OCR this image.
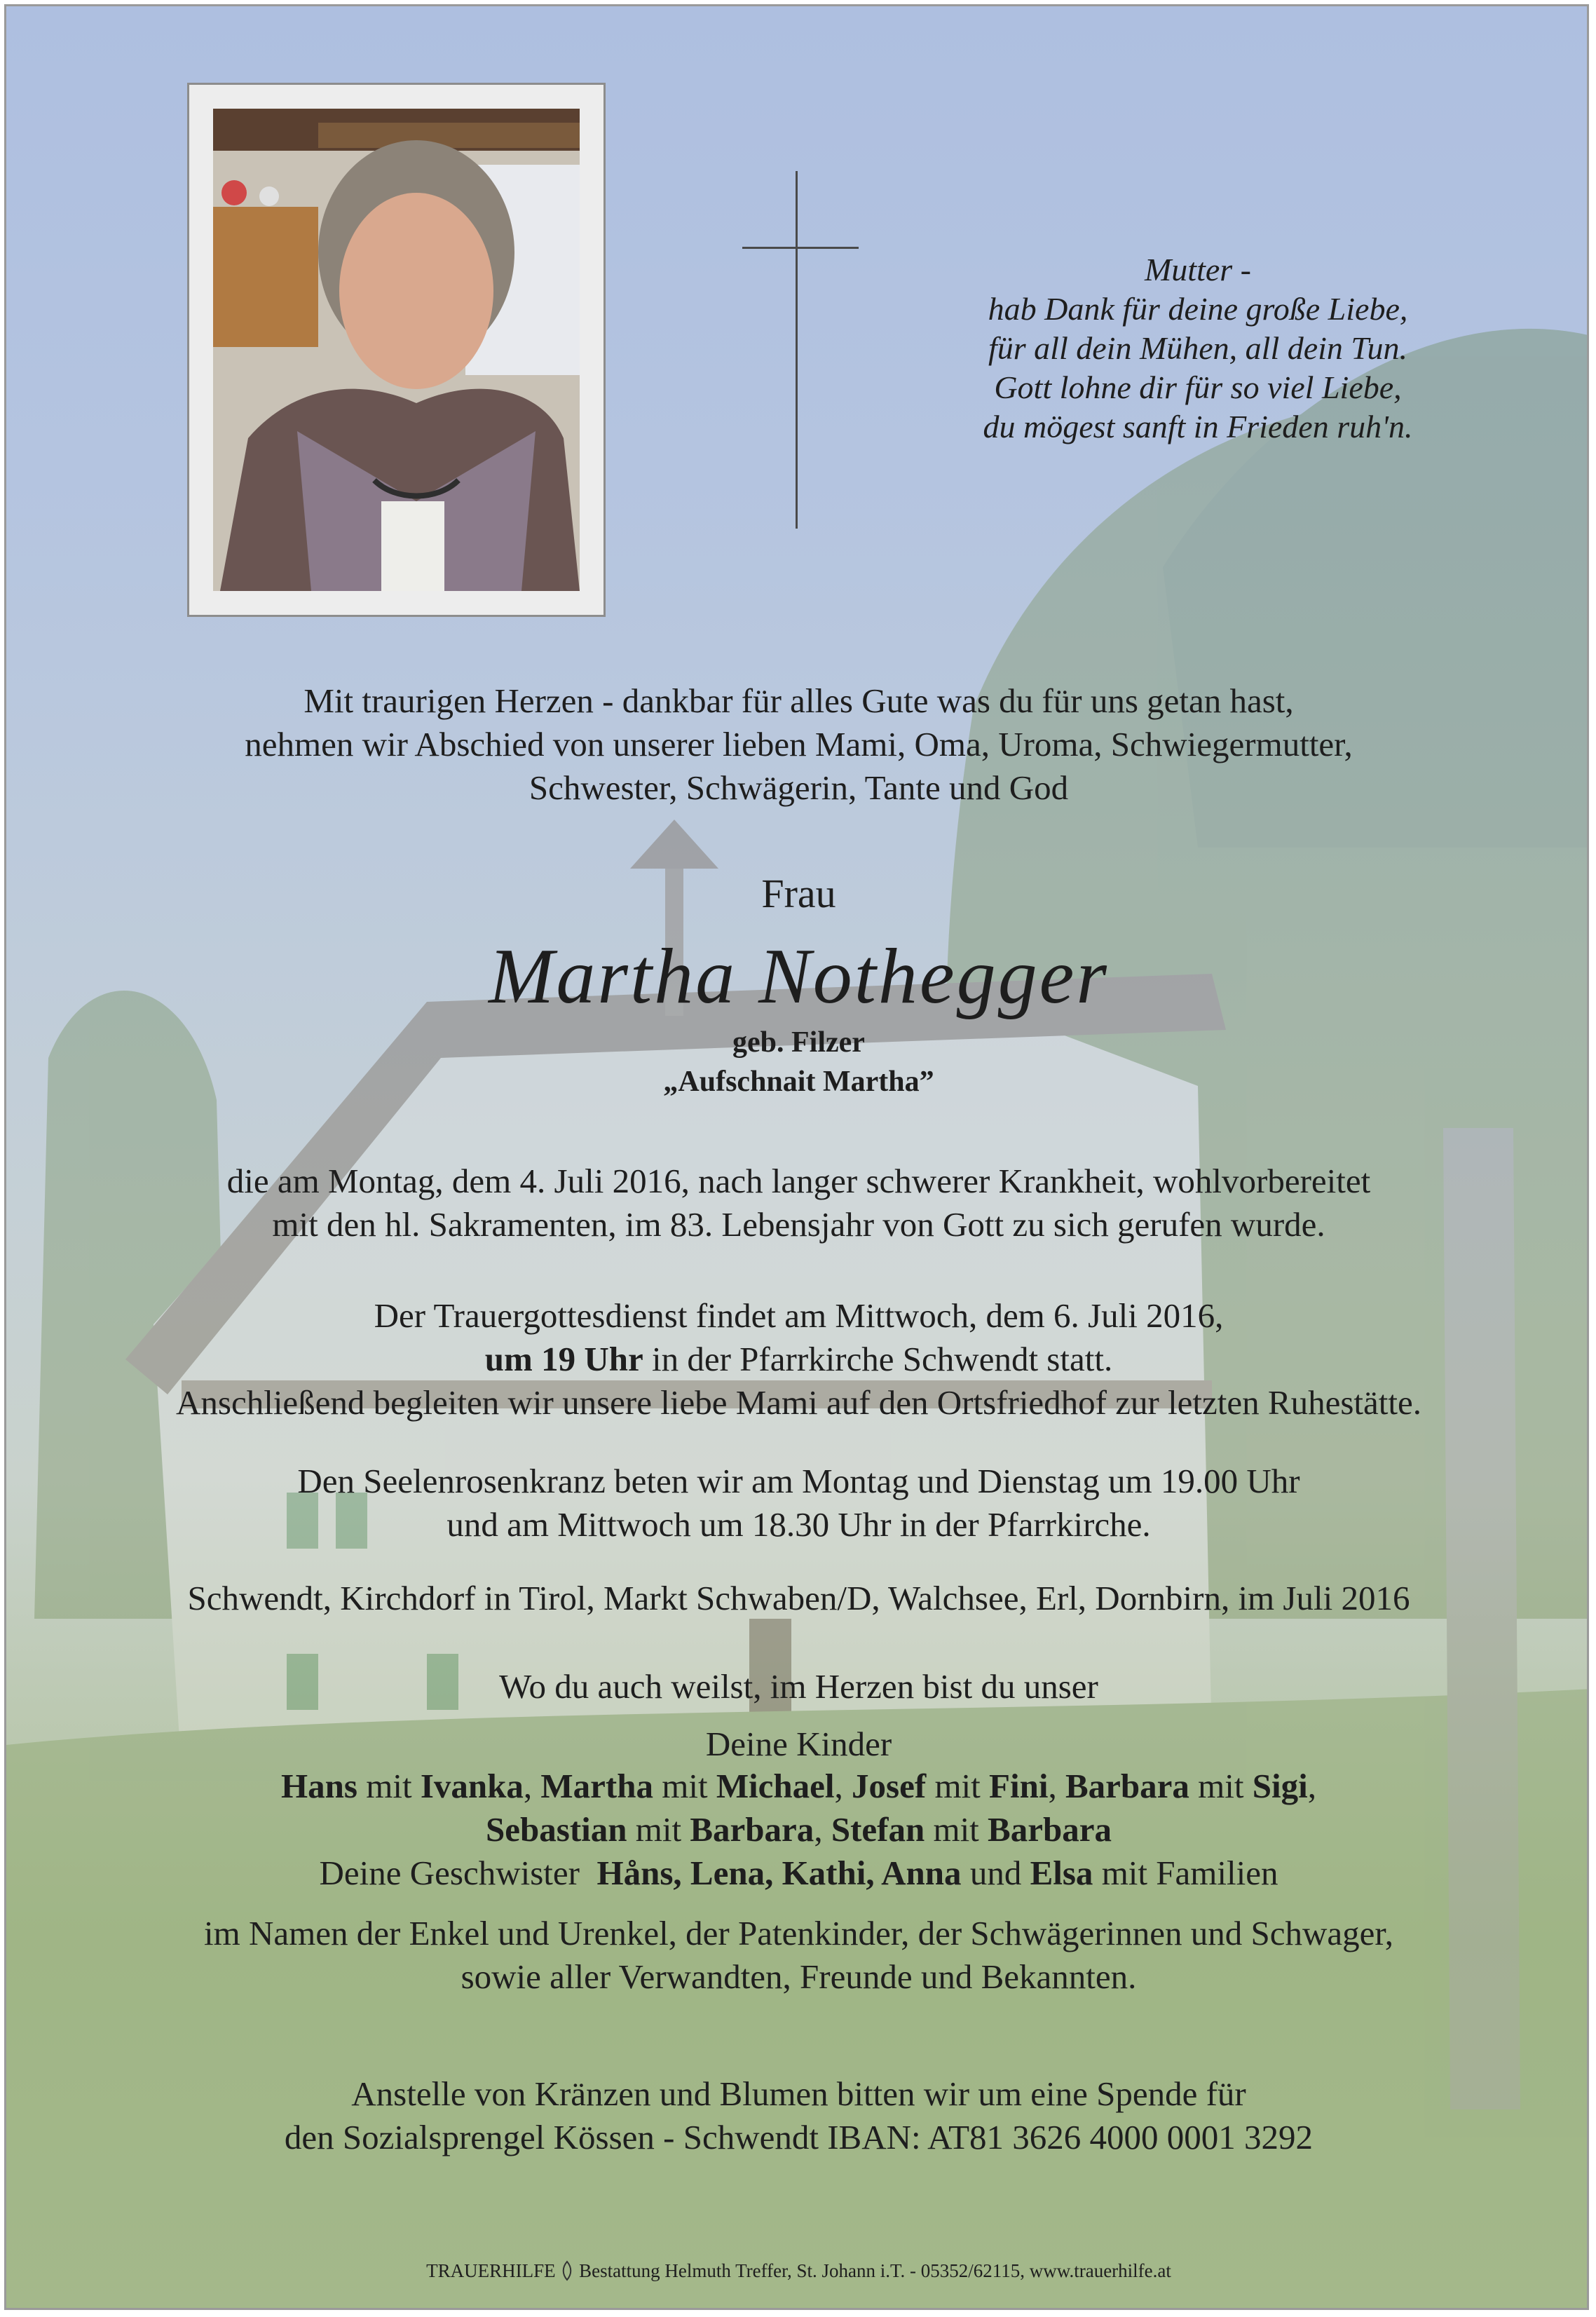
Mutter -
hab Dank für deine große Liebe,
für all dein Mühen, all dein Tun.
Gott lohne dir für so viel Liebe,
du mögest sanft in Frieden ruh'n.
Mit traurigen Herzen - dankbar für alles Gute was du für uns getan hast,
nehmen wir Abschied von unserer lieben Mami, Oma, Uroma, Schwiegermutter,
Schwester, Schwägerin, Tante und God
Frau
Martha Nothegger
geb. Filzer
„Aufschnait Martha”
die am Montag, dem 4. Juli 2016, nach langer schwerer Krankheit, wohlvorbereitet
mit den hl. Sakramenten, im 83. Lebensjahr von Gott zu sich gerufen wurde.
Der Trauergottesdienst findet am Mittwoch, dem 6. Juli 2016,
um 19 Uhr in der Pfarrkirche Schwendt statt.
Anschließend begleiten wir unsere liebe Mami auf den Ortsfriedhof zur letzten Ruhestätte.
Den Seelenrosenkranz beten wir am Montag und Dienstag um 19.00 Uhr
und am Mittwoch um 18.30 Uhr in der Pfarrkirche.
Schwendt, Kirchdorf in Tirol, Markt Schwaben/D, Walchsee, Erl, Dornbirn, im Juli 2016
Wo du auch weilst, im Herzen bist du unser
Deine Kinder
Hans mit Ivanka, Martha mit Michael, Josef mit Fini, Barbara mit Sigi,
Sebastian mit Barbara, Stefan mit Barbara
Deine Geschwister Håns, Lena, Kathi, Anna und Elsa mit Familien
im Namen der Enkel und Urenkel, der Patenkinder, der Schwägerinnen und Schwager,
sowie aller Verwandten, Freunde und Bekannten.
Anstelle von Kränzen und Blumen bitten wir um eine Spende für
den Sozialsprengel Kössen - Schwendt IBAN: AT81 3626 4000 0001 3292
TRAUERHILFE  Bestattung Helmuth Treffer, St. Johann i.T. - 05352/62115, www.trauerhilfe.at
